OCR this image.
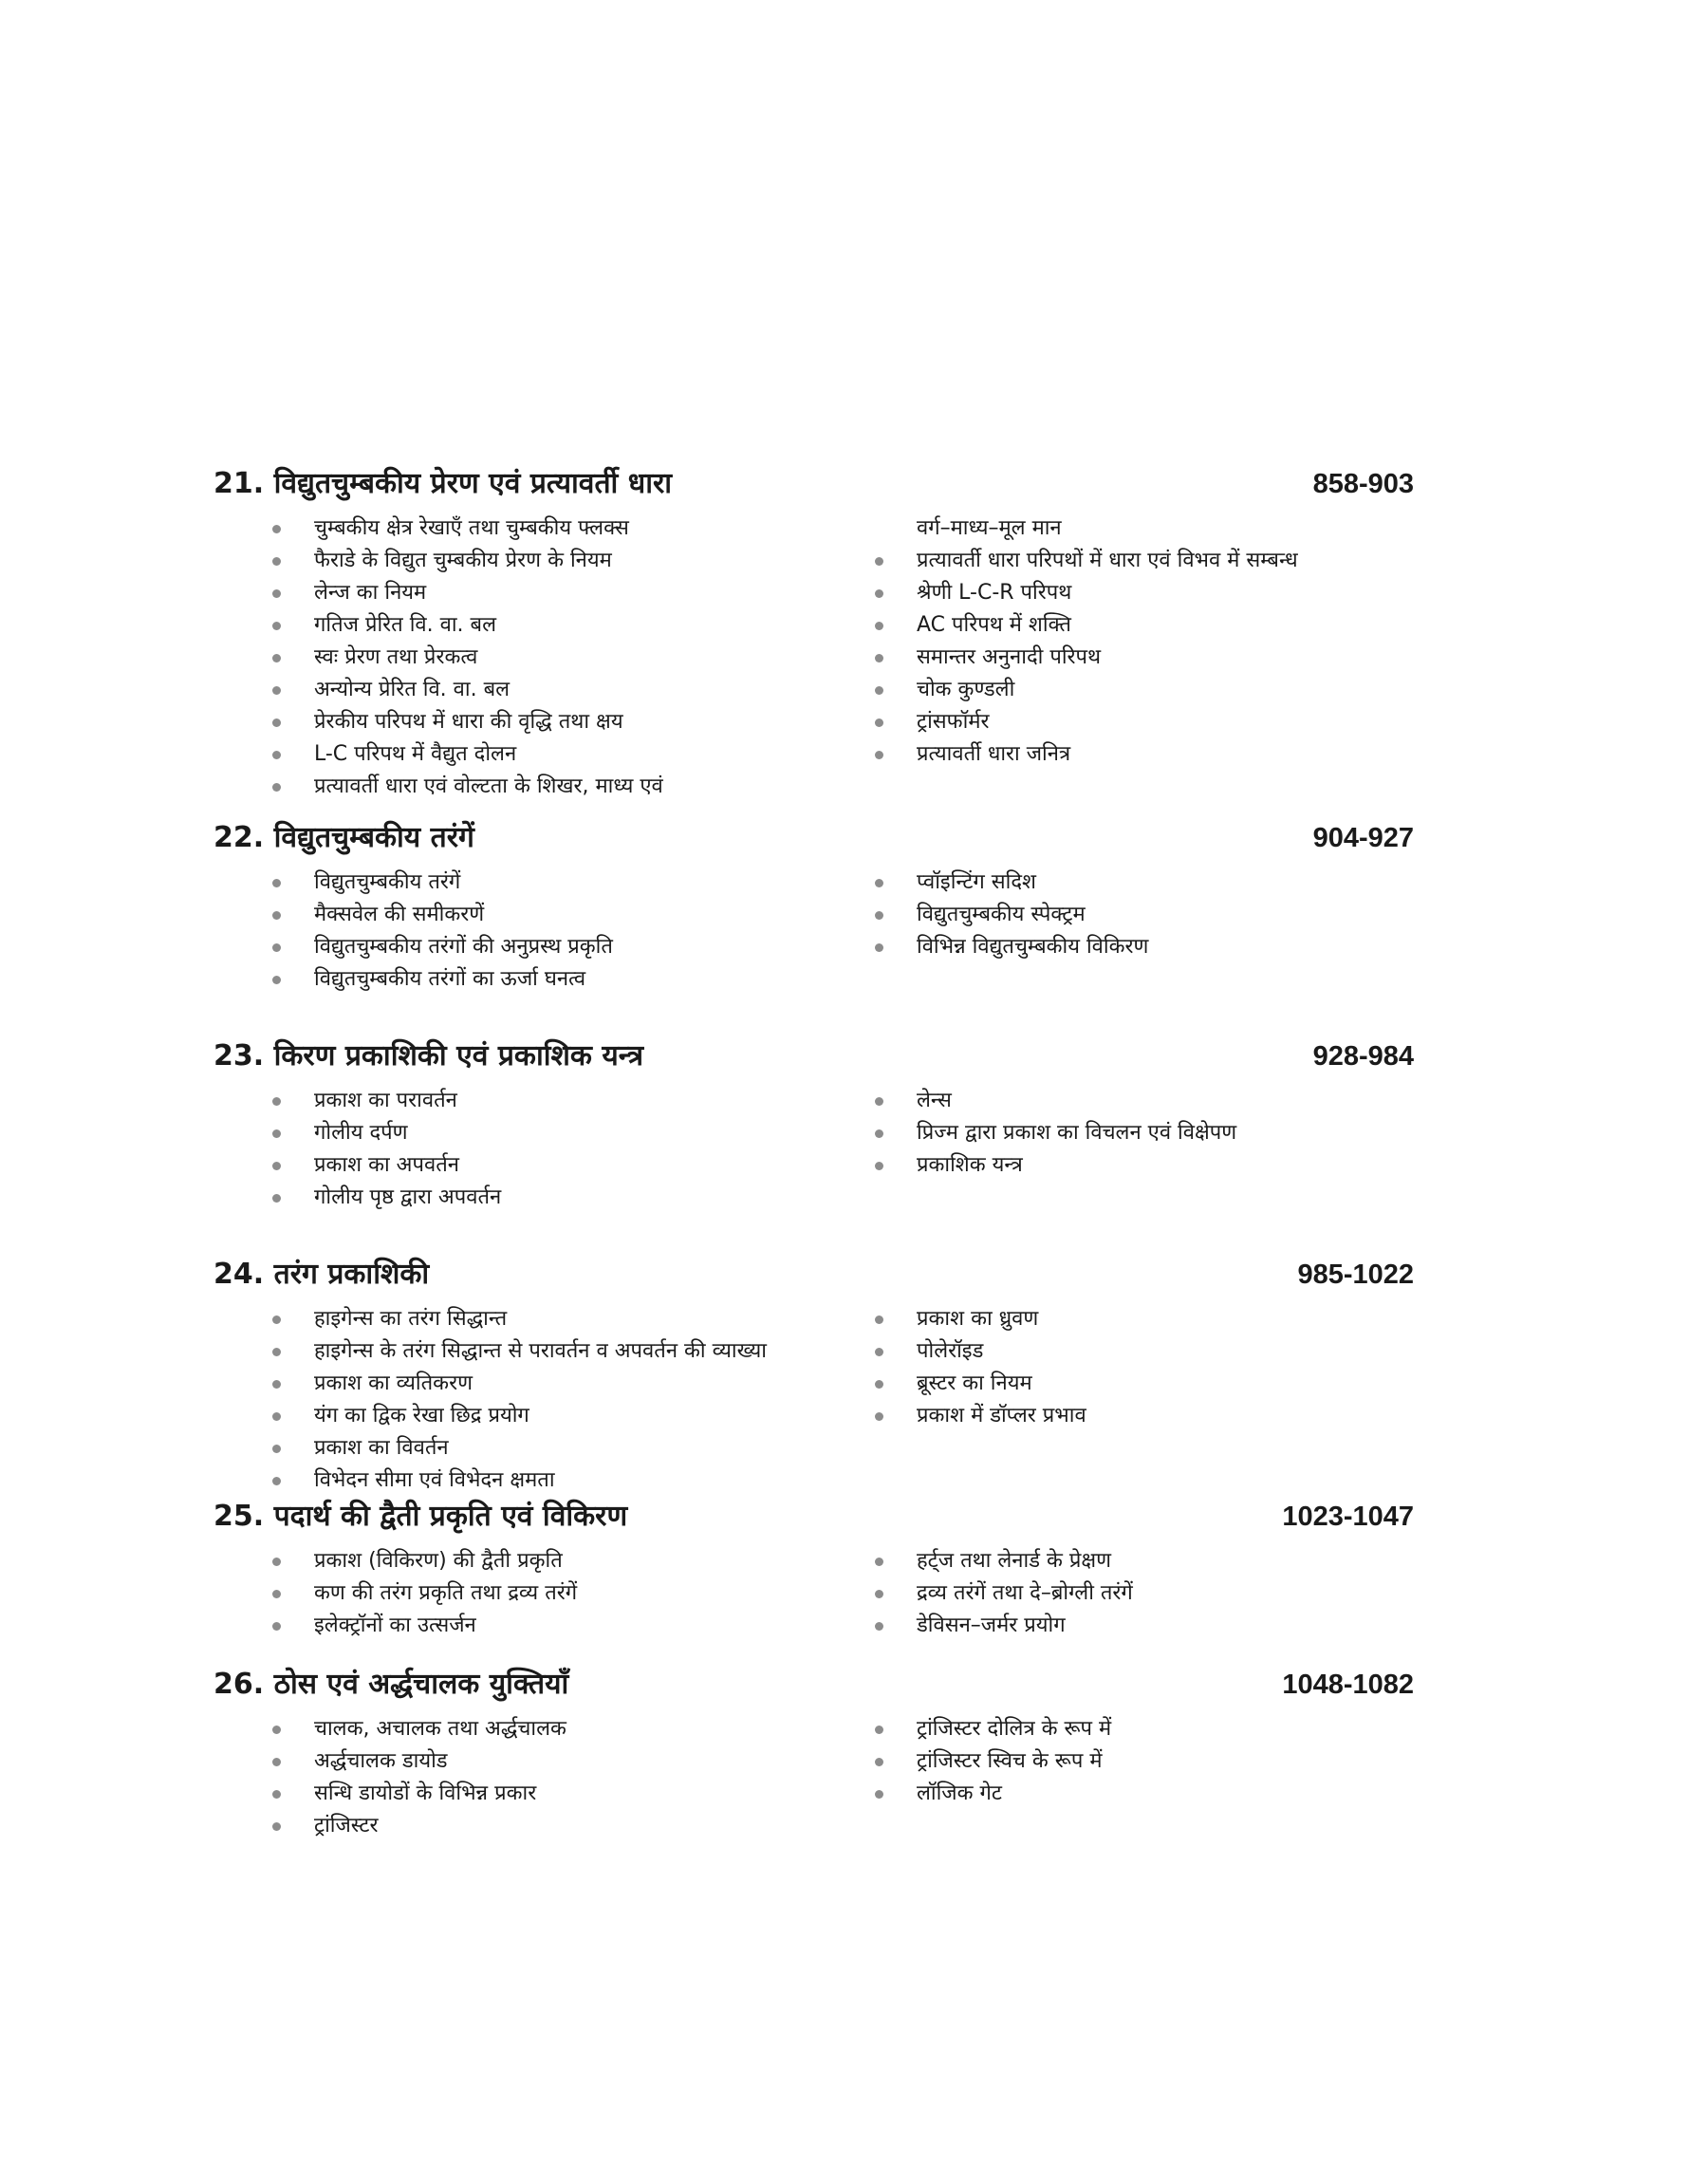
21. विद्युतचुम्बकीय प्रेरण एवं प्रत्यावर्ती धारा	858-903
चुम्बकीय क्षेत्र रेखाएँ तथा चुम्बकीय फ्लक्स
फैराडे के विद्युत चुम्बकीय प्रेरण के नियम
लेन्ज का नियम
गतिज प्रेरित वि. वा. बल
स्वः प्रेरण तथा प्रेरकत्व
अन्योन्य प्रेरित वि. वा. बल
प्रेरकीय परिपथ में धारा की वृद्धि तथा क्षय
L-C परिपथ में वैद्युत दोलन
प्रत्यावर्ती धारा एवं वोल्टता के शिखर, माध्य एवं
वर्ग–माध्य–मूल मान
प्रत्यावर्ती धारा परिपथों में धारा एवं विभव में सम्बन्ध
श्रेणी L-C-R परिपथ
AC परिपथ में शक्ति
समान्तर अनुनादी परिपथ
चोक कुण्डली
ट्रांसफॉर्मर
प्रत्यावर्ती धारा जनित्र
22. विद्युतचुम्बकीय तरंगें	904-927
विद्युतचुम्बकीय तरंगें
मैक्सवेल की समीकरणें
विद्युतचुम्बकीय तरंगों की अनुप्रस्थ प्रकृति
विद्युतचुम्बकीय तरंगों का ऊर्जा घनत्व
प्वॉइन्टिंग सदिश
विद्युतचुम्बकीय स्पेक्ट्रम
विभिन्न विद्युतचुम्बकीय विकिरण
23. किरण प्रकाशिकी एवं प्रकाशिक यन्त्र	928-984
प्रकाश का परावर्तन
गोलीय दर्पण
प्रकाश का अपवर्तन
गोलीय पृष्ठ द्वारा अपवर्तन
लेन्स
प्रिज्म द्वारा प्रकाश का विचलन एवं विक्षेपण
प्रकाशिक यन्त्र
24. तरंग प्रकाशिकी	985-1022
हाइगेन्स का तरंग सिद्धान्त
हाइगेन्स के तरंग सिद्धान्त से परावर्तन व अपवर्तन की व्याख्या
प्रकाश का व्यतिकरण
यंग का द्विक रेखा छिद्र प्रयोग
प्रकाश का विवर्तन
विभेदन सीमा एवं विभेदन क्षमता
प्रकाश का ध्रुवण
पोलेरॉइड
ब्रूस्टर का नियम
प्रकाश में डॉप्लर प्रभाव
25. पदार्थ की द्वैती प्रकृति एवं विकिरण	1023-1047
प्रकाश (विकिरण) की द्वैती प्रकृति
कण की तरंग प्रकृति तथा द्रव्य तरंगें
इलेक्ट्रॉनों का उत्सर्जन
हर्ट्ज तथा लेनार्ड के प्रेक्षण
द्रव्य तरंगें तथा दे–ब्रोग्ली तरंगें
डेविसन–जर्मर प्रयोग
26. ठोस एवं अर्द्धचालक युक्तियाँ	1048-1082
चालक, अचालक तथा अर्द्धचालक
अर्द्धचालक डायोड
सन्धि डायोडों के विभिन्न प्रकार
ट्रांजिस्टर
ट्रांजिस्टर दोलित्र के रूप में
ट्रांजिस्टर स्विच के रूप में
लॉजिक गेट
